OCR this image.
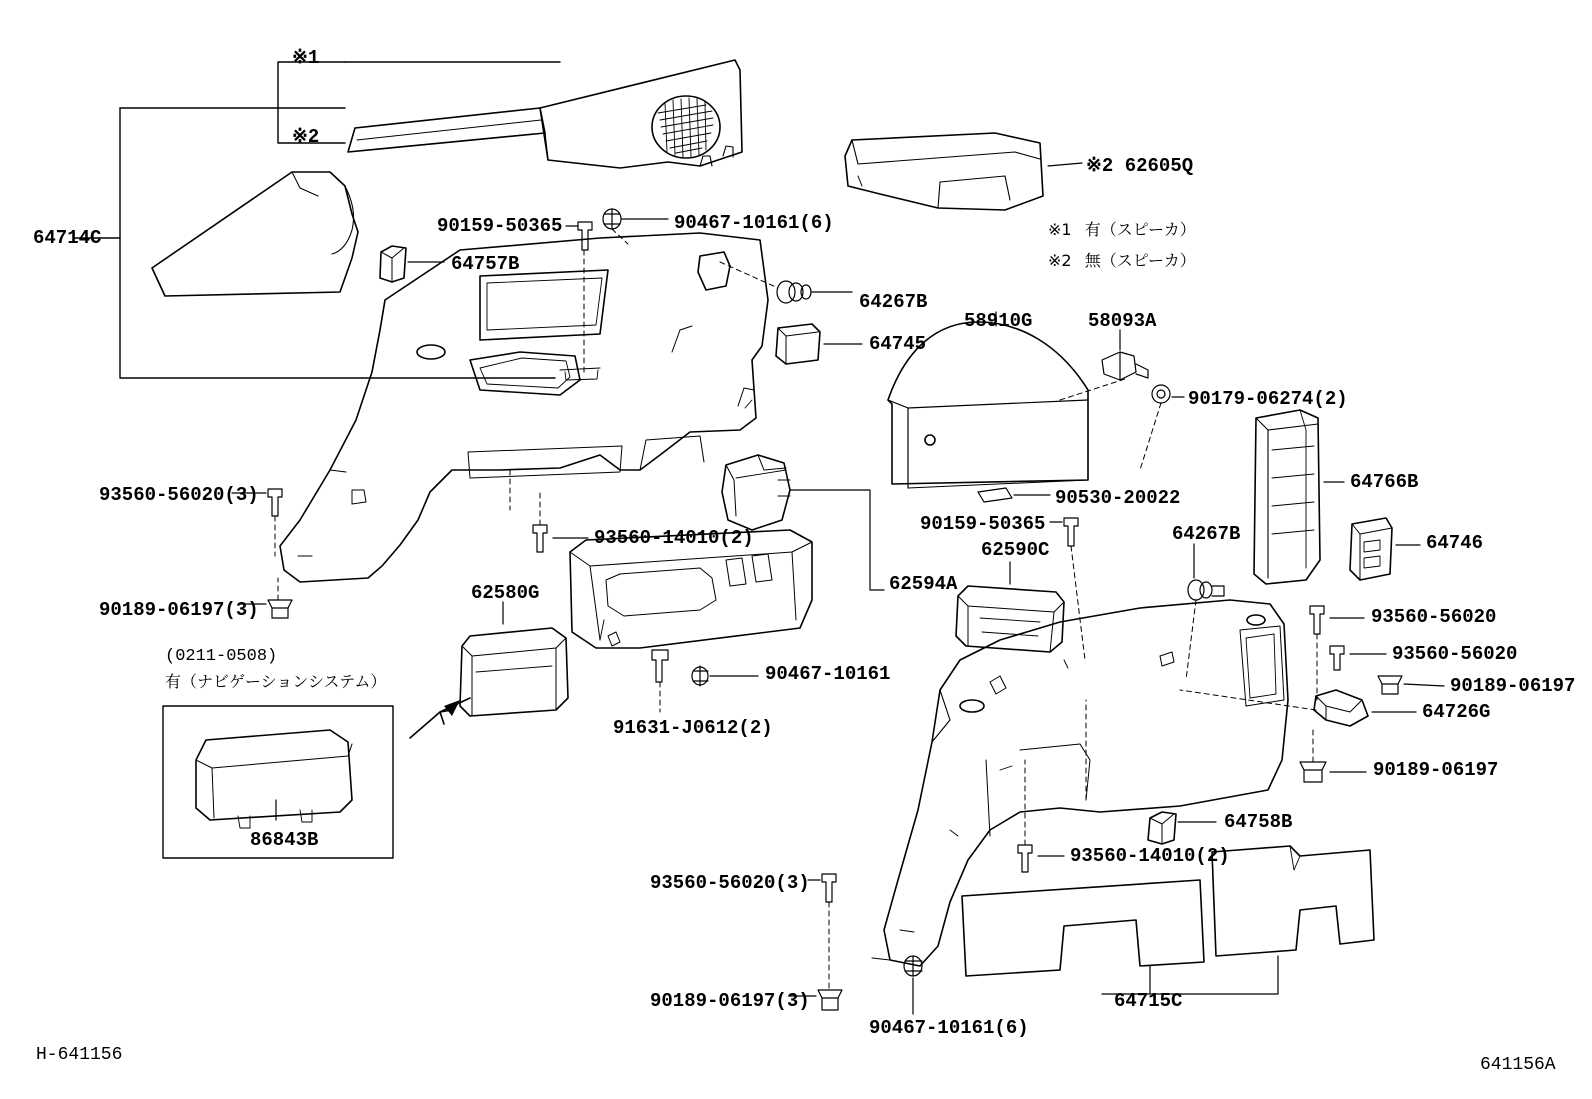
※1
※2
64714C
※2 62605Q
90159-50365	90467-10161(6)
64757B
64267B
64745
58910G	58093A
90179-06274(2)
64766B
90530-20022
64746
93560-56020(3)
90189-06197(3)
93560-14010(2)
90159-50365
62590C
64267B
62594A
62580G
93560-56020
93560-56020
90189-06197
64726G
90467-10161
91631-J0612(2)
90189-06197
64758B
93560-14010(2)
93560-56020(3)
64715C
90189-06197(3)
90467-10161(6)
※1 有（スピーカ）
※2 無（スピーカ）
(0211-0508)
有（ナビゲーションシステム）
86843B
H-641156	641156A
